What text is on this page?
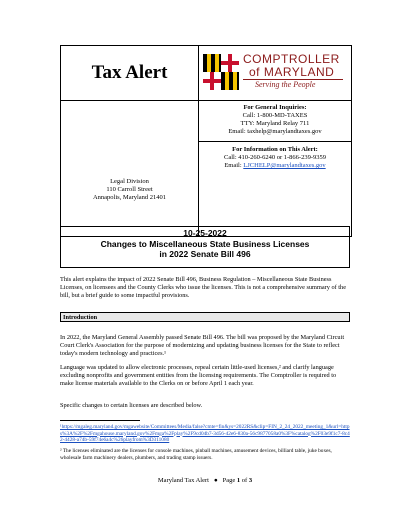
Tax Alert
COMPTROLLER
of MARYLAND
Serving the People
Legal Division
110 Carroll Street
Annapolis, Maryland 21401
For General Inquiries:
Call: 1-800-MD-TAXES
TTY: Maryland Relay 711
Email: taxhelp@marylandtaxes.gov
For Information on This Alert:
Call: 410-260-6240 or 1-866-239-9359
Email: LJCHELP@marylandtaxes.gov
10-25-2022
Changes to Miscellaneous State Business Licenses
in 2022 Senate Bill 496
This alert explains the impact of 2022 Senate Bill 496, Business Regulation – Miscellaneous State Business Licenses, on licensees and the County Clerks who issue the licenses. This is not a comprehensive summary of the bill, but a brief guide to some impactful provisions.
Introduction
In 2022, the Maryland General Assembly passed Senate Bill 496. The bill was proposed by the Maryland Circuit Court Clerk's Association for the purpose of modernizing and updating business licenses for the State to reflect today's modern technology and practices.¹
Language was updated to allow electronic processes, repeal certain little-used licenses,² and clarify language excluding nonprofits and government entities from the licensing requirements. The Comptroller is required to make license materials available to the Clerks on or before April 1 each year.
Specific changes to certain licenses are described below.
¹https://mgaleg.maryland.gov/mgawebsite/Committees/Media/false?cmte=fin&ys=2022RS&clip=FIN_2_24_2022_meeting_1&url=https%3A%2F%2Fmgahouse.maryland.gov%2Fmga%2Fplay%2F9cd04b7-3d56-42e6-830a-56c9877058a0%3F%catalog%2F03e9f1c7-8c42-4428-a74b-59f74e6a4c%26playfrom%3D311080
² The licenses eliminated are the licenses for console machines, pinball machines, amusement devices, billiard table, juke boxes, wholesale farm machinery dealers, plumbers, and trading stamp issuers.
Maryland Tax Alert ● Page 1 of 3
